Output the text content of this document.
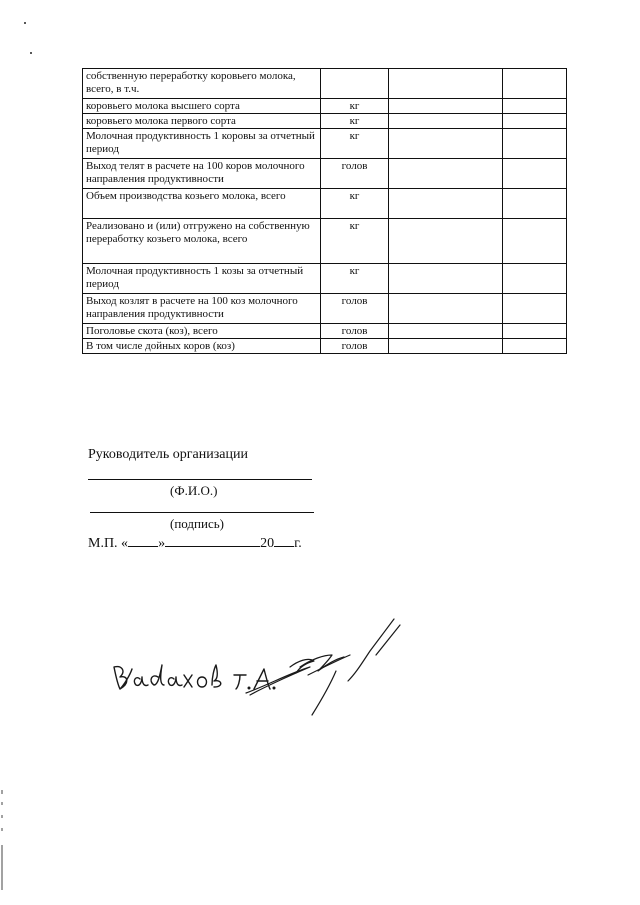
собственную переработку коровьего молока, всего, в т.ч.			
коровьего молока высшего сорта	кг		
коровьего молока первого сорта	кг		
Молочная продуктивность 1 коровы за отчетный период	кг		
Выход телят в расчете на 100 коров молочного направления продуктивности	голов		
Объем производства козьего молока, всего	кг		
Реализовано и (или) отгружено на собственную переработку козьего молока, всего	кг		
Молочная продуктивность 1 козы за отчетный период	кг		
Выход козлят в расчете на 100 коз молочного направления продуктивности	голов		
Поголовье скота (коз), всего	голов		
В том числе дойных коров (коз)	голов		
Руководитель организации
(Ф.И.О.)
(подпись)
М.П. « »	20 г.
